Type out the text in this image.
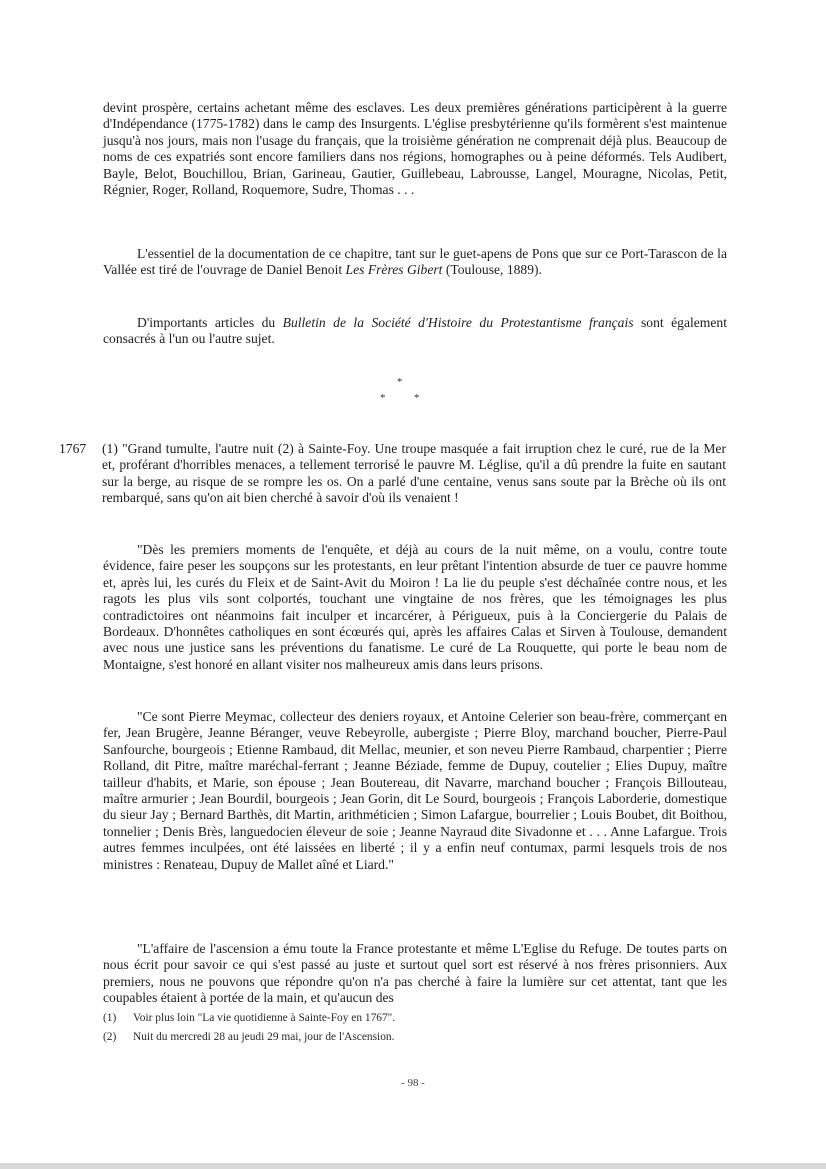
devint prospère, certains achetant même des esclaves. Les deux premières générations participèrent à la guerre d'Indépendance (1775-1782) dans le camp des Insurgents. L'église presbytérienne qu'ils formèrent s'est maintenue jusqu'à nos jours, mais non l'usage du français, que la troisième génération ne comprenait déjà plus. Beaucoup de noms de ces expatriés sont encore familiers dans nos régions, homographes ou à peine déformés. Tels Audibert, Bayle, Belot, Bouchillou, Brian, Garineau, Gautier, Guillebeau, Labrousse, Langel, Mouragne, Nicolas, Petit, Régnier, Roger, Rolland, Roquemore, Sudre, Thomas . . .

L'essentiel de la documentation de ce chapitre, tant sur le guet-apens de Pons que sur ce Port-Tarascon de la Vallée est tiré de l'ouvrage de Daniel Benoit Les Frères Gibert (Toulouse, 1889).

D'importants articles du Bulletin de la Société d'Histoire du Protestantisme français sont également consacrés à l'un ou l'autre sujet.

*
*	*
1767 (1) "Grand tumulte, l'autre nuit (2) à Sainte-Foy. Une troupe masquée a fait irruption chez le curé, rue de la Mer et, proférant d'horribles menaces, a tellement terrorisé le pauvre M. Léglise, qu'il a dû prendre la fuite en sautant sur la berge, au risque de se rompre les os. On a parlé d'une centaine, venus sans soute par la Brèche où ils ont rembarqué, sans qu'on ait bien cherché à savoir d'où ils venaient !

"Dès les premiers moments de l'enquête, et déjà au cours de la nuit même, on a voulu, contre toute évidence, faire peser les soupçons sur les protestants, en leur prêtant l'intention absurde de tuer ce pauvre homme et, après lui, les curés du Fleix et de Saint-Avit du Moiron ! La lie du peuple s'est déchaînée contre nous, et les ragots les plus vils sont colportés, touchant une vingtaine de nos frères, que les témoignages les plus contradictoires ont néanmoins fait inculper et incarcérer, à Périgueux, puis à la Conciergerie du Palais de Bordeaux. D'honnêtes catholiques en sont écœurés qui, après les affaires Calas et Sirven à Toulouse, demandent avec nous une justice sans les préventions du fanatisme. Le curé de La Rouquette, qui porte le beau nom de Montaigne, s'est honoré en allant visiter nos malheureux amis dans leurs prisons.

"Ce sont Pierre Meymac, collecteur des deniers royaux, et Antoine Celerier son beau-frère, commerçant en fer, Jean Brugère, Jeanne Béranger, veuve Rebeyrolle, aubergiste ; Pierre Bloy, marchand boucher, Pierre-Paul Sanfourche, bourgeois ; Etienne Rambaud, dit Mellac, meunier, et son neveu Pierre Rambaud, charpentier ; Pierre Rolland, dit Pitre, maître maréchal-ferrant ; Jeanne Béziade, femme de Dupuy, coutelier ; Elies Dupuy, maître tailleur d'habits, et Marie, son épouse ; Jean Boutereau, dit Navarre, marchand boucher ; François Billouteau, maître armurier ; Jean Bourdil, bourgeois ; Jean Gorin, dit Le Sourd, bourgeois ; François Laborderie, domestique du sieur Jay ; Bernard Barthès, dit Martin, arithméticien ; Simon Lafargue, bourrelier ; Louis Boubet, dit Boithou, tonnelier ; Denis Brès, languedocien éleveur de soie ; Jeanne Nayraud dite Sivadonne et . . . Anne Lafargue. Trois autres femmes inculpées, ont été laissées en liberté ; il y a enfin neuf contumax, parmi lesquels trois de nos ministres : Renateau, Dupuy de Mallet aîné et Liard."

"L'affaire de l'ascension a ému toute la France protestante et même L'Eglise du Refuge. De toutes parts on nous écrit pour savoir ce qui s'est passé au juste et surtout quel sort est réservé à nos frères prisonniers. Aux premiers, nous ne pouvons que répondre qu'on n'a pas cherché à faire la lumière sur cet attentat, tant que les coupables étaient à portée de la main, et qu'aucun des

(1) Voir plus loin "La vie quotidienne à Sainte-Foy en 1767".
(2) Nuit du mercredi 28 au jeudi 29 mai, jour de l'Ascension.
- 98 -
